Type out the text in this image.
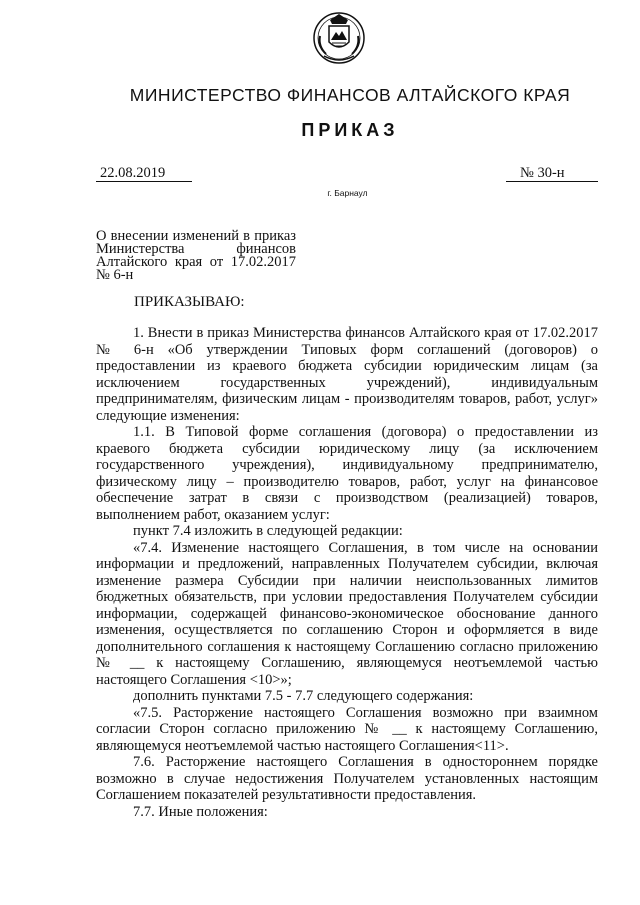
МИНИСТЕРСТВО ФИНАНСОВ АЛТАЙСКОГО КРАЯ
ПРИКАЗ
22.08.2019	№ 30-н
г. Барнаул
О внесении изменений в приказ Министерства финансов Алтайского края от 17.02.2017 № 6-н
ПРИКАЗЫВАЮ:

1. Внести в приказ Министерства финансов Алтайского края от 17.02.2017 № 6-н «Об утверждении Типовых форм соглашений (договоров) о предоставлении из краевого бюджета субсидии юридическим лицам (за исключением государственных учреждений), индивидуальным предпринимателям, физическим лицам - производителям товаров, работ, услуг» следующие изменения:

1.1. В Типовой форме соглашения (договора) о предоставлении из краевого бюджета субсидии юридическому лицу (за исключением государственного учреждения), индивидуальному предпринимателю, физическому лицу – производителю товаров, работ, услуг на финансовое обеспечение затрат в связи с производством (реализацией) товаров, выполнением работ, оказанием услуг:

пункт 7.4 изложить в следующей редакции:

«7.4. Изменение настоящего Соглашения, в том числе на основании информации и предложений, направленных Получателем субсидии, включая изменение размера Субсидии при наличии неиспользованных лимитов бюджетных обязательств, при условии предоставления Получателем субсидии информации, содержащей финансово-экономическое обоснование данного изменения, осуществляется по соглашению Сторон и оформляется в виде дополнительного соглашения к настоящему Соглашению согласно приложению № __ к настоящему Соглашению, являющемуся неотъемлемой частью настоящего Соглашения <10>»;

дополнить пунктами 7.5 - 7.7 следующего содержания:

«7.5. Расторжение настоящего Соглашения возможно при взаимном согласии Сторон согласно приложению № __ к настоящему Соглашению, являющемуся неотъемлемой частью настоящего Соглашения<11>.

7.6. Расторжение настоящего Соглашения в одностороннем порядке возможно в случае недостижения Получателем установленных настоящим Соглашением показателей результативности предоставления.

7.7. Иные положения:
